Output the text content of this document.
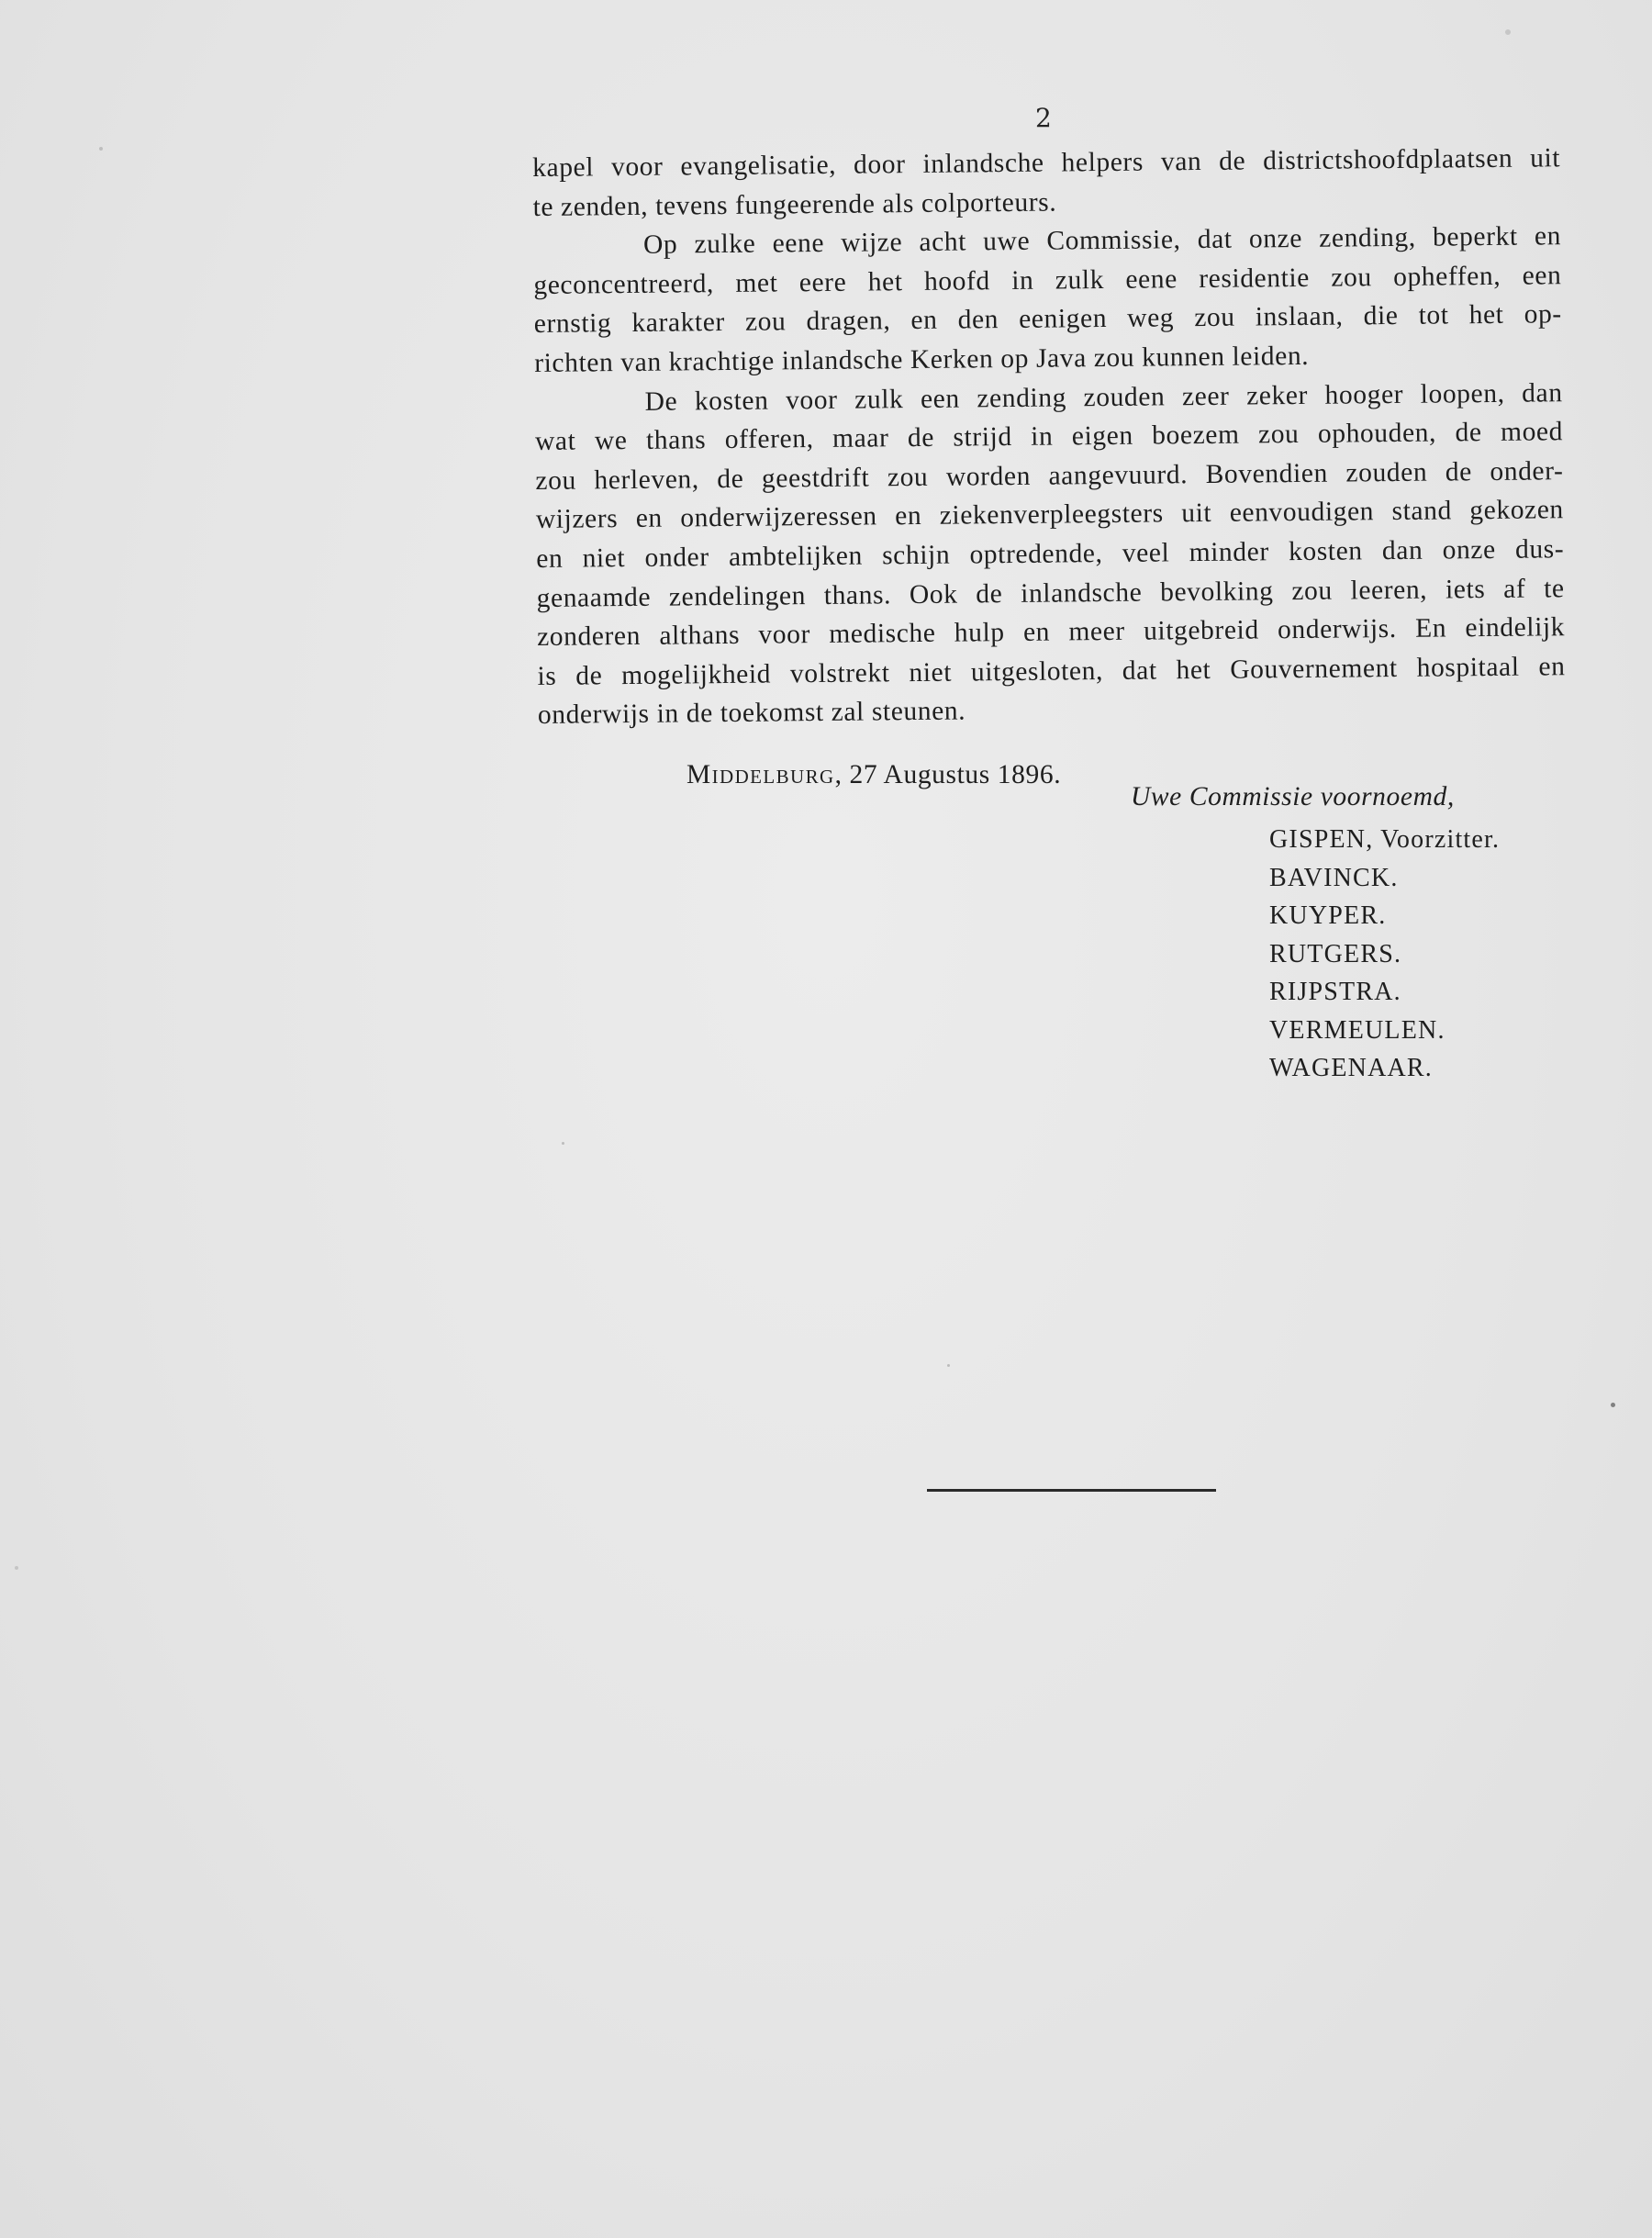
2
kapel voor evangelisatie, door inlandsche helpers van de districtshoofdplaatsen uit
te zenden, tevens fungeerende als colporteurs.
Op zulke eene wijze acht uwe Commissie, dat onze zending, beperkt en
geconcentreerd, met eere het hoofd in zulk eene residentie zou opheffen, een
ernstig karakter zou dragen, en den eenigen weg zou inslaan, die tot het op-
richten van krachtige inlandsche Kerken op Java zou kunnen leiden.
De kosten voor zulk een zending zouden zeer zeker hooger loopen, dan
wat we thans offeren, maar de strijd in eigen boezem zou ophouden, de moed
zou herleven, de geestdrift zou worden aangevuurd. Bovendien zouden de onder-
wijzers en onderwijzeressen en ziekenverpleegsters uit eenvoudigen stand gekozen
en niet onder ambtelijken schijn optredende, veel minder kosten dan onze dus-
genaamde zendelingen thans. Ook de inlandsche bevolking zou leeren, iets af te
zonderen althans voor medische hulp en meer uitgebreid onderwijs. En eindelijk
is de mogelijkheid volstrekt niet uitgesloten, dat het Gouvernement hospitaal en
onderwijs in de toekomst zal steunen.
Middelburg, 27 Augustus 1896.
Uwe Commissie voornoemd,
GISPEN, Voorzitter.
BAVINCK.
KUYPER.
RUTGERS.
RIJPSTRA.
VERMEULEN.
WAGENAAR.
